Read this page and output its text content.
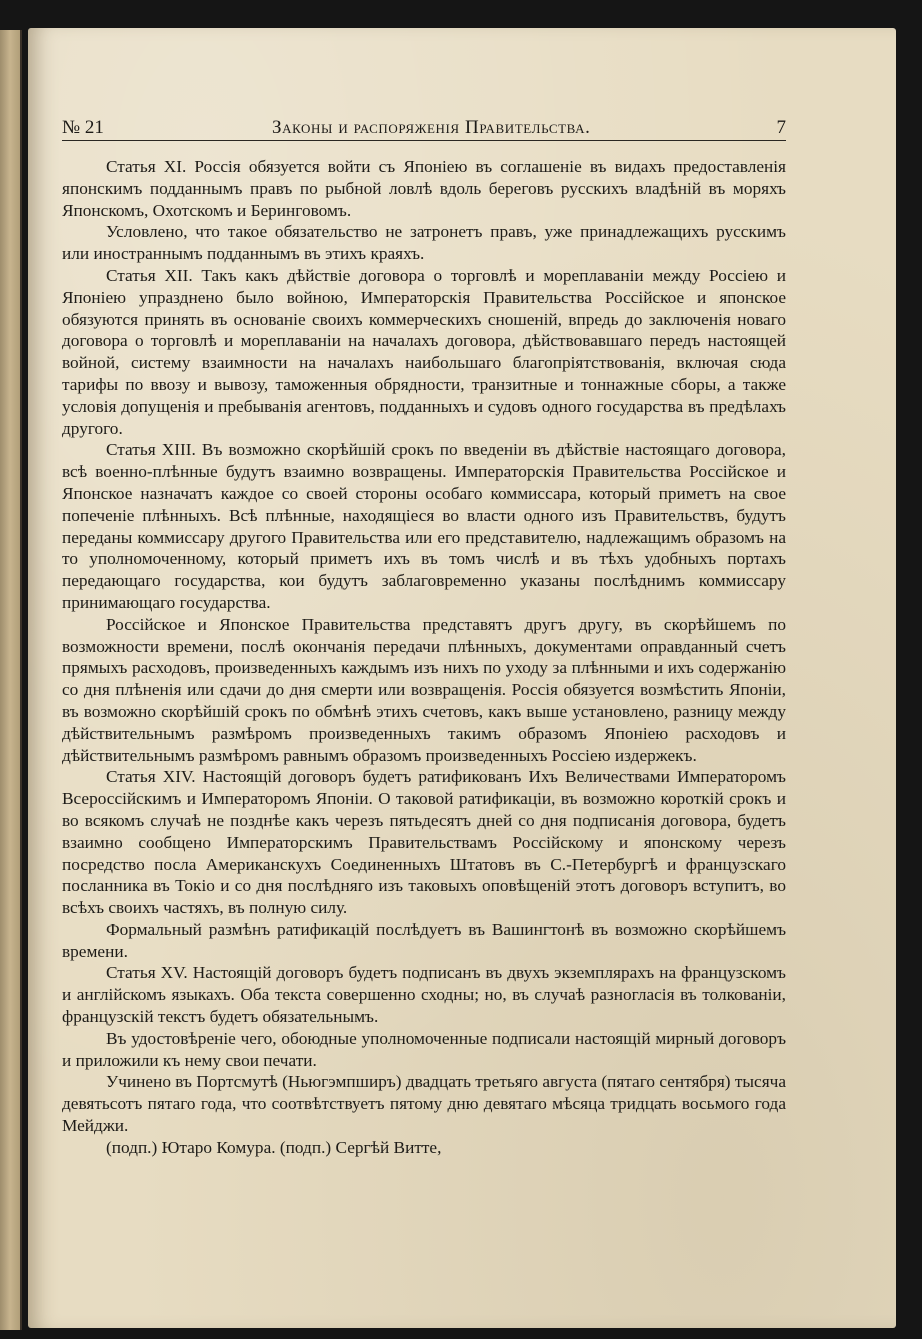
№ 21	Законы и распоряженія Правительства.	7

Статья XI. Россія обязуется войти съ Японіею въ соглашеніе въ видахъ предоставленія японскимъ подданнымъ правъ по рыбной ловлѣ вдоль береговъ русскихъ владѣній въ моряхъ Японскомъ, Охотскомъ и Беринговомъ.

Условлено, что такое обязательство не затронетъ правъ, уже принадлежащихъ русскимъ или иностраннымъ подданнымъ въ этихъ краяхъ.

Статья XII. Такъ какъ дѣйствіе договора о торговлѣ и мореплаваніи между Россіею и Японіею упразднено было войною, Императорскія Правительства Россійское и японское обязуются принять въ основаніе своихъ коммерческихъ сношеній, впредь до заключенія новаго договора о торговлѣ и мореплаваніи на началахъ договора, дѣйствовавшаго передъ настоящей войной, систему взаимности на началахъ наибольшаго благопріятствованія, включая сюда тарифы по ввозу и вывозу, таможенныя обрядности, транзитные и тоннажные сборы, а также условія допущенія и пребыванія агентовъ, подданныхъ и судовъ одного государства въ предѣлахъ другого.

Статья XIII. Въ возможно скорѣйшій срокъ по введеніи въ дѣйствіе настоящаго договора, всѣ военно-плѣнные будутъ взаимно возвращены. Императорскія Правительства Россійское и Японское назначатъ каждое со своей стороны особаго коммиссара, который приметъ на свое попеченіе плѣнныхъ. Всѣ плѣнные, находящіеся во власти одного изъ Правительствъ, будутъ переданы коммиссару другого Правительства или его представителю, надлежащимъ образомъ на то уполномоченному, который приметъ ихъ въ томъ числѣ и въ тѣхъ удобныхъ портахъ передающаго государства, кои будутъ заблаговременно указаны послѣднимъ коммиссару принимающаго государства.

Россійское и Японское Правительства представятъ другъ другу, въ скорѣйшемъ по возможности времени, послѣ окончанія передачи плѣнныхъ, документами оправданный счетъ прямыхъ расходовъ, произведенныхъ каждымъ изъ нихъ по уходу за плѣнными и ихъ содержанію со дня плѣненія или сдачи до дня смерти или возвращенія. Россія обязуется возмѣстить Японіи, въ возможно скорѣйшій срокъ по обмѣнѣ этихъ счетовъ, какъ выше установлено, разницу между дѣйствительнымъ размѣромъ произведенныхъ такимъ образомъ Японіею расходовъ и дѣйствительнымъ размѣромъ равнымъ образомъ произведенныхъ Россіею издержекъ.

Статья XIV. Настоящій договоръ будетъ ратификованъ Ихъ Величествами Императоромъ Всероссійскимъ и Императоромъ Японіи. О таковой ратификаціи, въ возможно короткій срокъ и во всякомъ случаѣ не позднѣе какъ черезъ пятьдесятъ дней со дня подписанія договора, будетъ взаимно сообщено Императорскимъ Правительствамъ Россійскому и японскому черезъ посредство посла Американскухъ Соединенныхъ Штатовъ въ С.-Петербургѣ и французскаго посланника въ Токіо и со дня послѣдняго изъ таковыхъ оповѣщеній этотъ договоръ вступитъ, во всѣхъ своихъ частяхъ, въ полную силу.

Формальный размѣнъ ратификацій послѣдуетъ въ Вашингтонѣ въ возможно скорѣйшемъ времени.

Статья XV. Настоящій договоръ будетъ подписанъ въ двухъ экземплярахъ на французскомъ и англійскомъ языкахъ. Оба текста совершенно сходны; но, въ случаѣ разногласія въ толкованіи, французскій текстъ будетъ обязательнымъ.

Въ удостовѣреніе чего, обоюдные уполномоченные подписали настоящій мирный договоръ и приложили къ нему свои печати.

Учинено въ Портсмутѣ (Ньюгэмпширъ) двадцать третьяго августа (пятаго сентября) тысяча девятьсотъ пятаго года, что соотвѣтствуетъ пятому дню девятаго мѣсяца тридцать восьмого года Мейджи.

(подп.) Ютаро Комура. (подп.) Сергѣй Витте,
